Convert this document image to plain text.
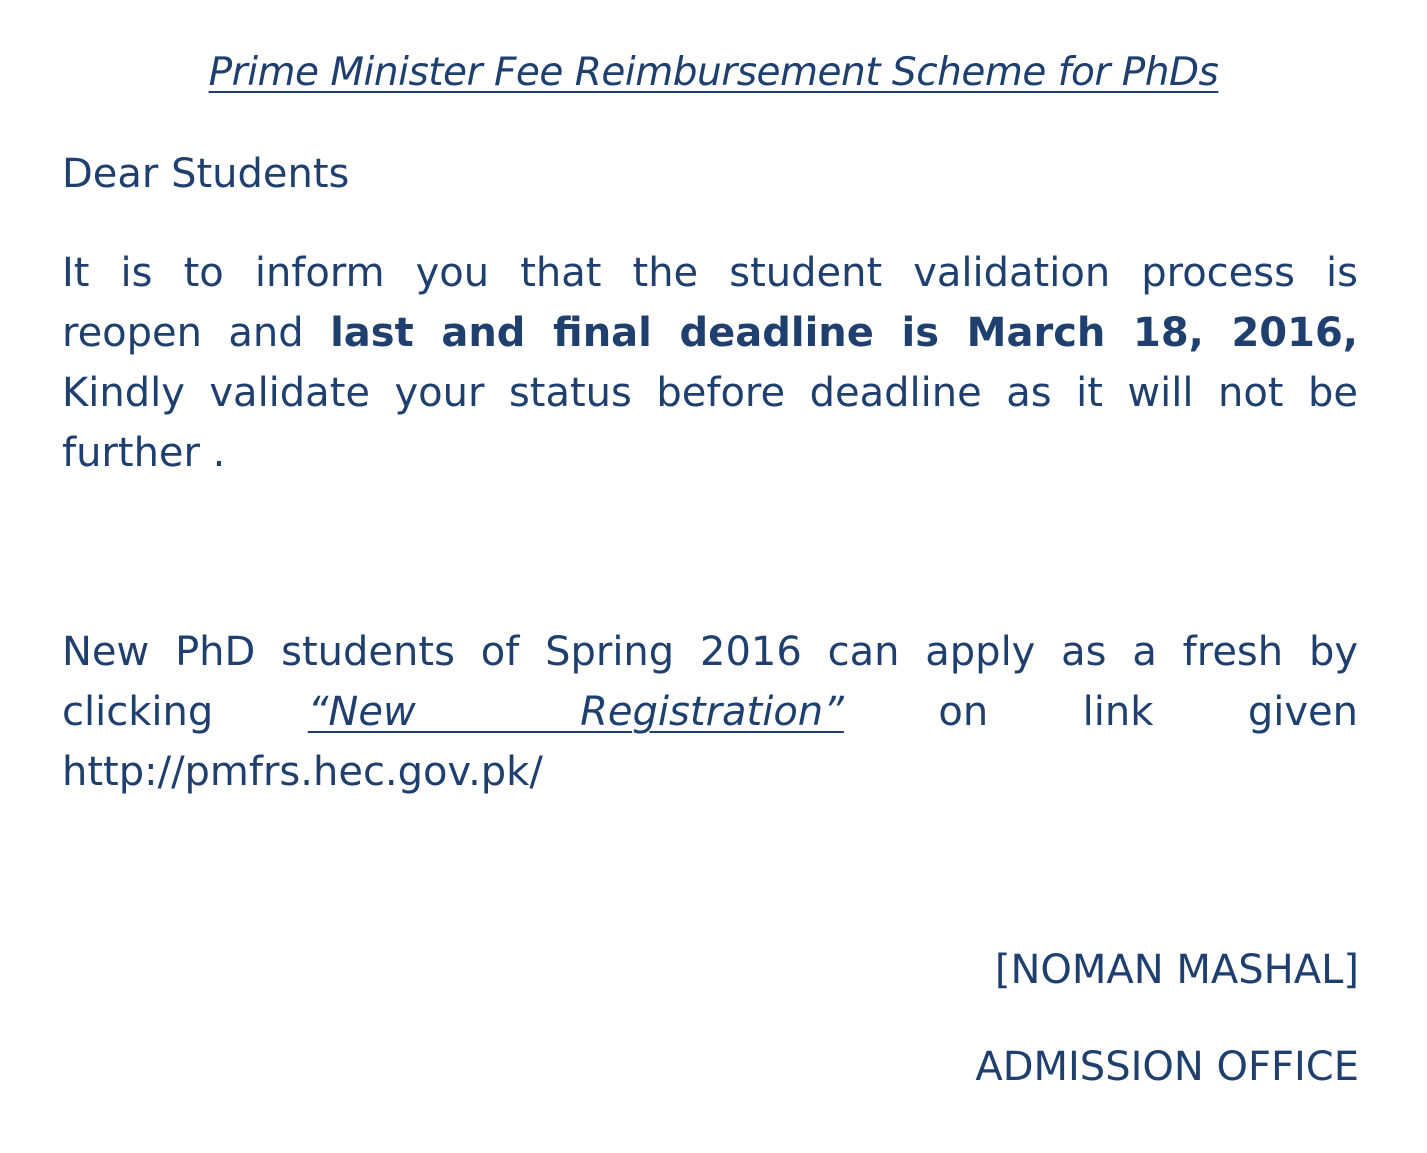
Prime Minister Fee Reimbursement Scheme for PhDs
Dear Students
It is to inform you that the student validation process is
reopen and last and final deadline is March 18, 2016,
Kindly validate your status before deadline as it will not be
further .
New PhD students of Spring 2016 can apply as a fresh by
clicking “New Registration” on link given
http://pmfrs.hec.gov.pk/
[NOMAN MASHAL]
ADMISSION OFFICE
